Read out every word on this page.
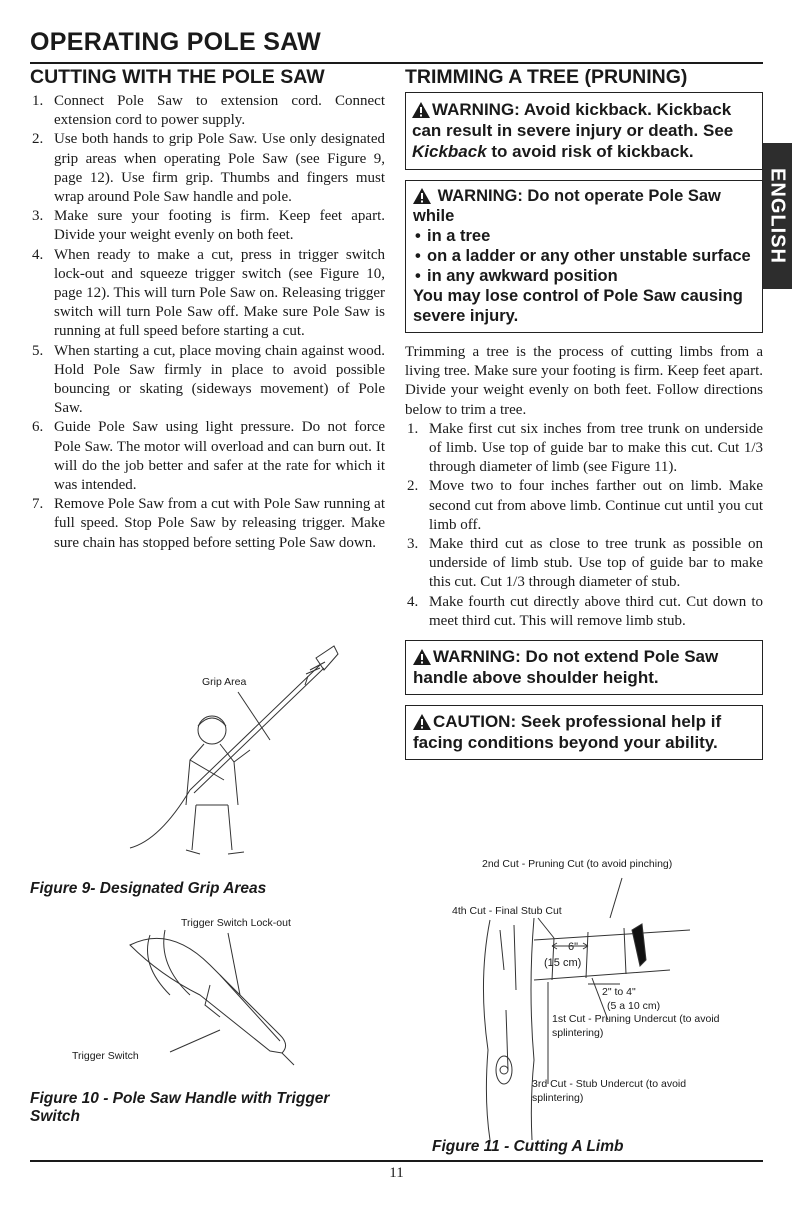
OPERATING POLE SAW
ENGLISH
CUTTING WITH THE POLE SAW
1. Connect Pole Saw to extension cord. Connect extension cord to power supply.
2. Use both hands to grip Pole Saw. Use only designated grip areas when operating Pole Saw (see Figure 9, page 12). Use firm grip. Thumbs and fingers must wrap around Pole Saw handle and pole.
3. Make sure your footing is firm. Keep feet apart. Divide your weight evenly on both feet.
4. When ready to make a cut, press in trigger switch lock-out and squeeze trigger switch (see Figure 10, page 12). This will turn Pole Saw on. Releasing trigger switch will turn Pole Saw off. Make sure Pole Saw is running at full speed before starting a cut.
5. When starting a cut, place moving chain against wood. Hold Pole Saw firmly in place to avoid possible bouncing or skating (sideways movement) of Pole Saw.
6. Guide Pole Saw using light pressure. Do not force Pole Saw. The motor will overload and can burn out. It will do the job better and safer at the rate for which it was intended.
7. Remove Pole Saw from a cut with Pole Saw running at full speed. Stop Pole Saw by releasing trigger. Make sure chain has stopped before setting Pole Saw down.
Grip Area
Figure 9- Designated Grip Areas
Trigger Switch Lock-out
Trigger Switch
Figure 10 - Pole Saw Handle with Trigger
Switch
TRIMMING A TREE (PRUNING)
WARNING: Avoid kickback. Kickback can result in severe injury or death. See Kickback to avoid risk of kickback.
WARNING: Do not operate Pole Saw while
• in a tree
• on a ladder or any other unstable surface
• in any awkward position
You may lose control of Pole Saw causing severe injury.

Trimming a tree is the process of cutting limbs from a living tree. Make sure your footing is firm. Keep feet apart. Divide your weight evenly on both feet. Follow directions below to trim a tree.

1. Make first cut six inches from tree trunk on underside of limb. Use top of guide bar to make this cut. Cut 1/3 through diameter of limb (see Figure 11).
2. Move two to four inches farther out on limb. Make second cut from above limb. Continue cut until you cut limb off.
3. Make third cut as close to tree trunk as possible on underside of limb stub. Use top of guide bar to make this cut. Cut 1/3 through diameter of stub.
4. Make fourth cut directly above third cut. Cut down to meet third cut. This will remove limb stub.
WARNING: Do not extend Pole Saw handle above shoulder height.
CAUTION: Seek professional help if facing conditions beyond your ability.
2nd Cut - Pruning Cut (to avoid pinching)
4th Cut - Final Stub Cut
6"
(15 cm)
2" to 4"
(5 a 10 cm)
1st Cut - Pruning Undercut (to avoid splintering)
3rd Cut - Stub Undercut (to avoid splintering)
Figure 11 - Cutting A Limb
11
